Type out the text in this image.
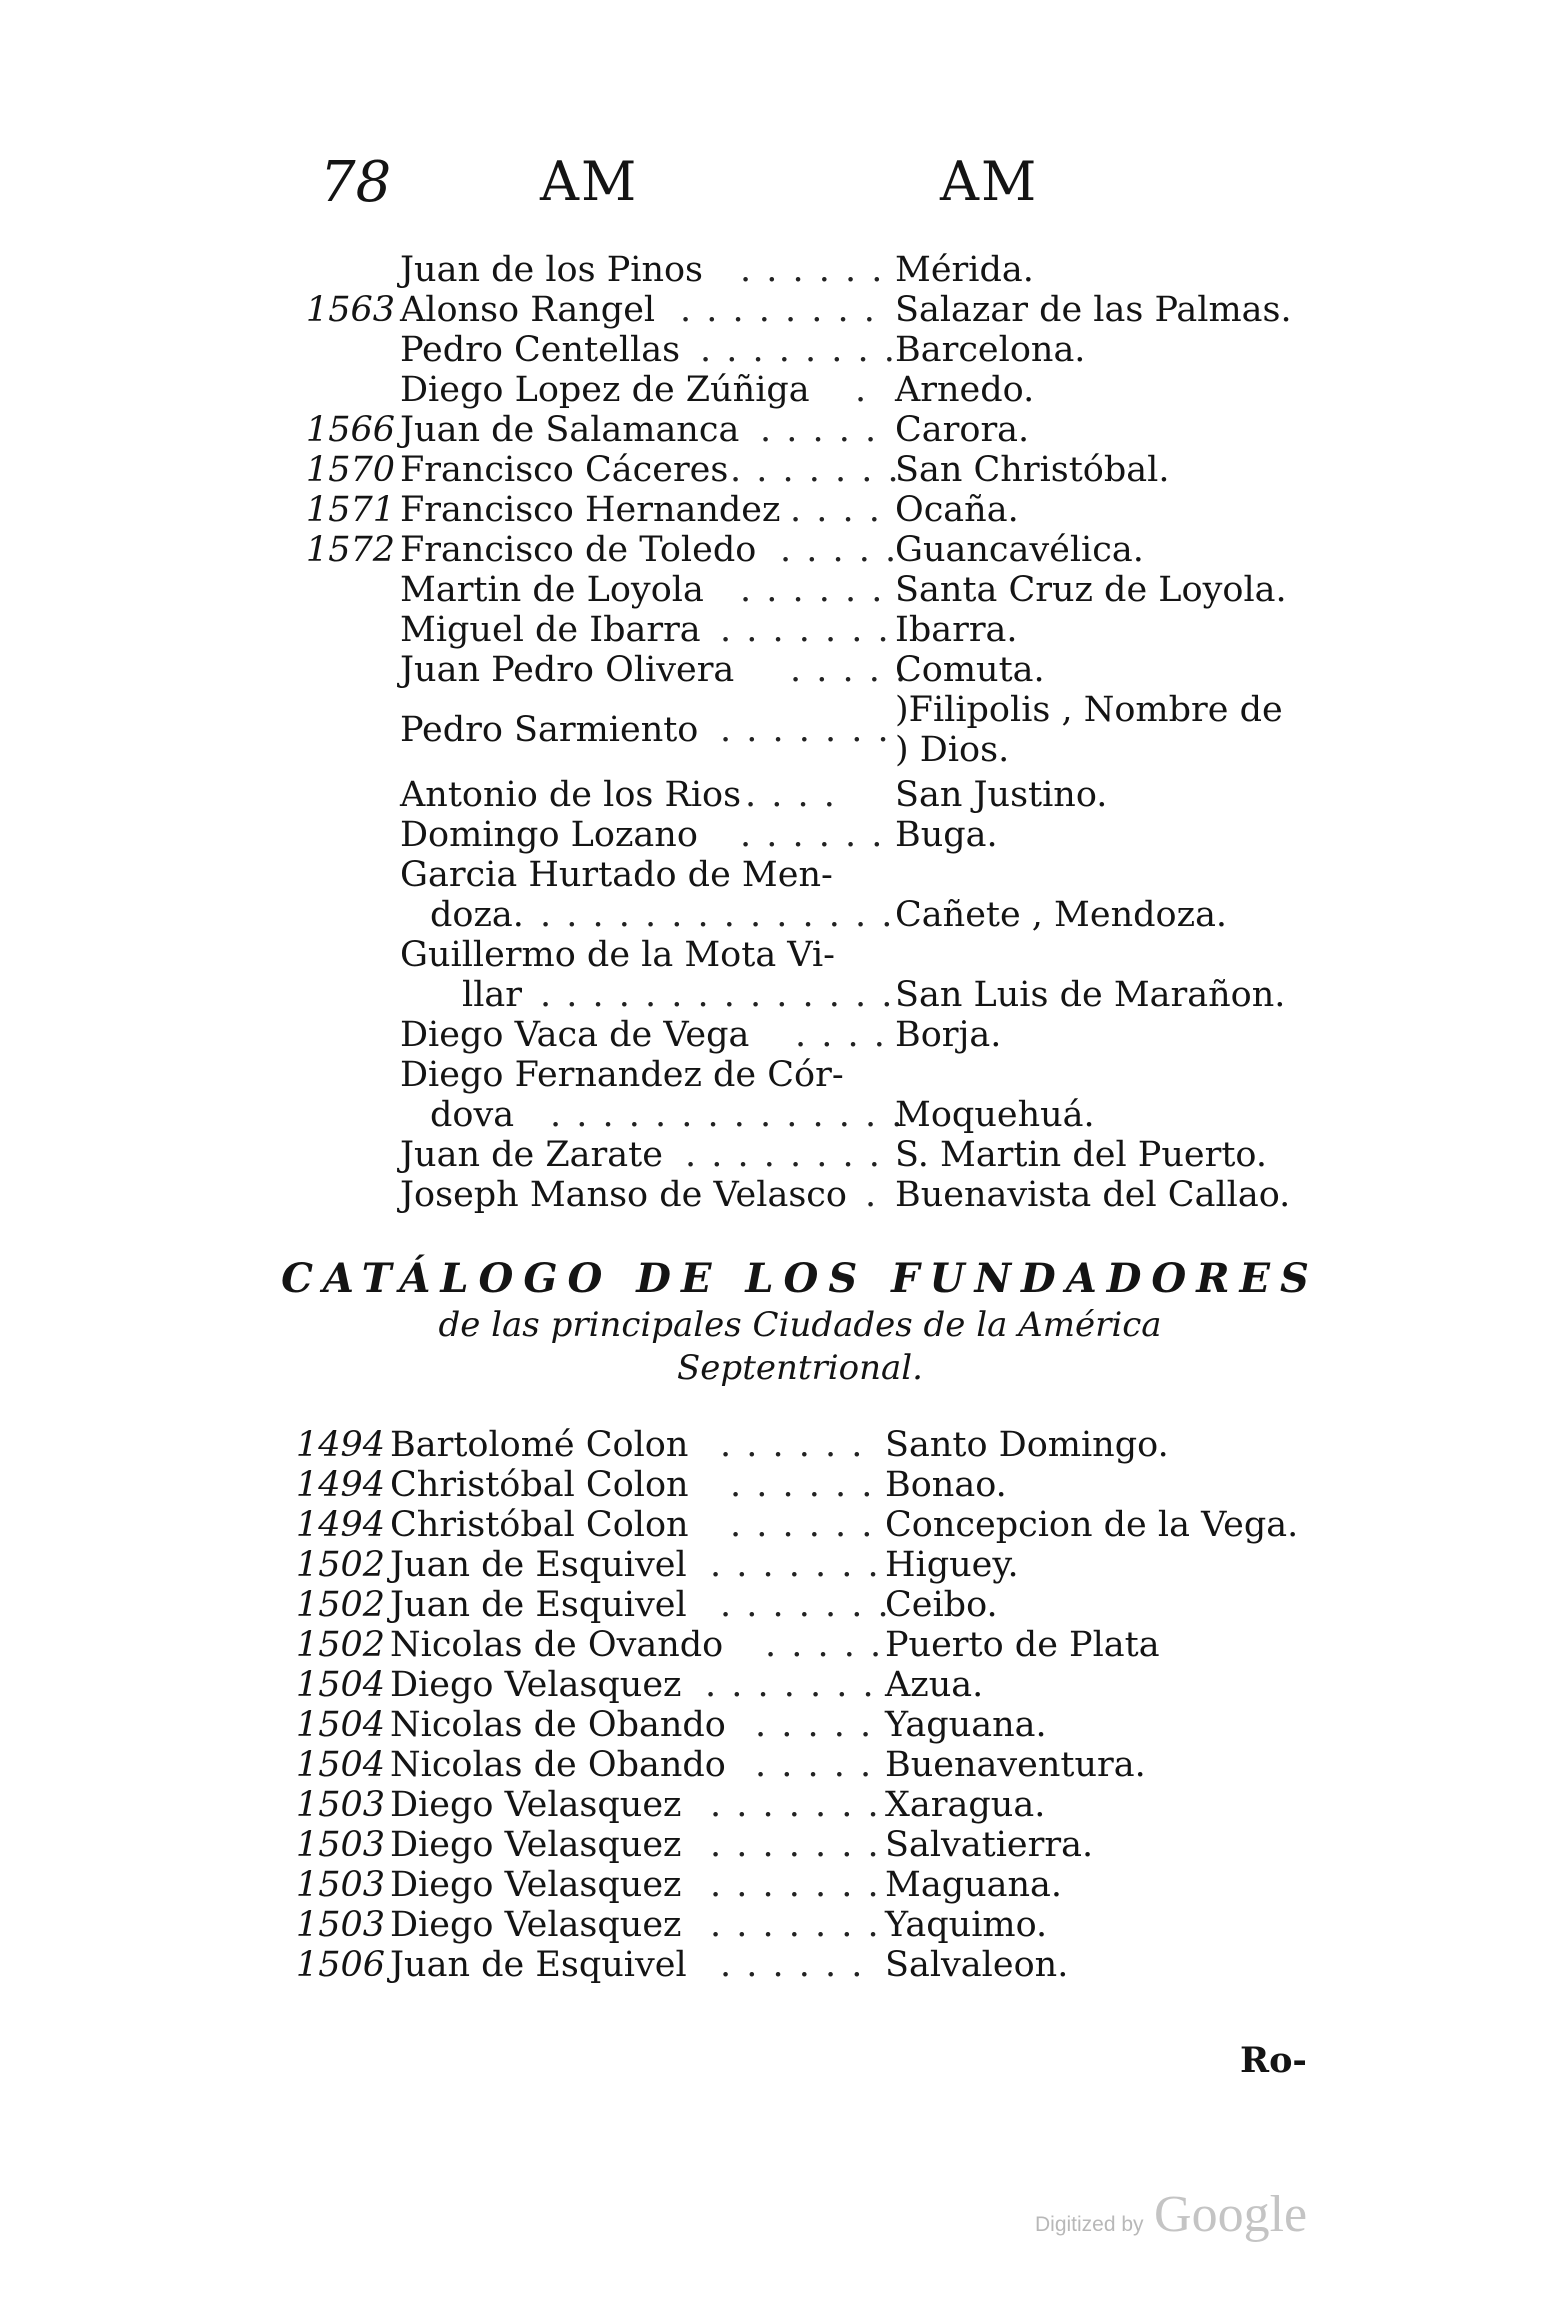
78	AM	AM
Juan de los Pinos . . . . . . Mérida.
1563 Alonso Rangel . . . . . . . . Salazar de las Palmas.
Pedro Centellas . . . . . . . .
Barcelona.
Diego Lopez de Zúñiga . Arnedo.
1566 Juan de Salamanca . . . . . Carora.
1570 Francisco Cáceres . . . . . . .
San Christóbal.
1571 Francisco Hernandez . . . . Ocaña.
1572 Francisco de Toledo . . . . .
Guancavélica.
Martin de Loyola . . . . . . Santa Cruz de Loyola.
Miguel de Ibarra . . . . . . . Ibarra.
Juan Pedro Olivera . . . . .
Comuta.
Pedro Sarmiento . . . . . . . )Filipolis , Nombre de
) Dios.
Antonio de los Rios . . . . San Justino.
Domingo Lozano . . . . . . Buga.
Garcia Hurtado de Men-
doza. . . . . . . . . . . . . . . Cañete , Mendoza.
Guillermo de la Mota Vi-
llar . . . . . . . . . . . . . . San Luis de Marañon.
Diego Vaca de Vega . . . . Borja.
Diego Fernandez de Cór-
dova . . . . . . . . . . . . . .
Moquehuá.
Juan de Zarate . . . . . . . . S. Martin del Puerto.
Joseph Manso de Velasco . Buenavista del Callao.
CATÁLOGO DE LOS FUNDADORES
de las principales Ciudades de la América
Septentrional.
1494 Bartolomé Colon . . . . . . Santo Domingo.
1494 Christóbal Colon . . . . . . Bonao.
1494 Christóbal Colon . . . . . . Concepcion de la Vega.
1502 Juan de Esquivel . . . . . . . Higuey.
1502 Juan de Esquivel . . . . . . .
Ceibo.
1502 Nicolas de Ovando . . . . . Puerto de Plata
1504 Diego Velasquez . . . . . . . Azua.
1504 Nicolas de Obando . . . . . Yaguana.
1504 Nicolas de Obando . . . . . Buenaventura.
1503 Diego Velasquez . . . . . . . Xaragua.
1503 Diego Velasquez . . . . . . . Salvatierra.
1503 Diego Velasquez . . . . . . . Maguana.
1503 Diego Velasquez . . . . . . . Yaquimo.
1506 Juan de Esquivel . . . . . . Salvaleon.
Ro-
Digitized by Google
